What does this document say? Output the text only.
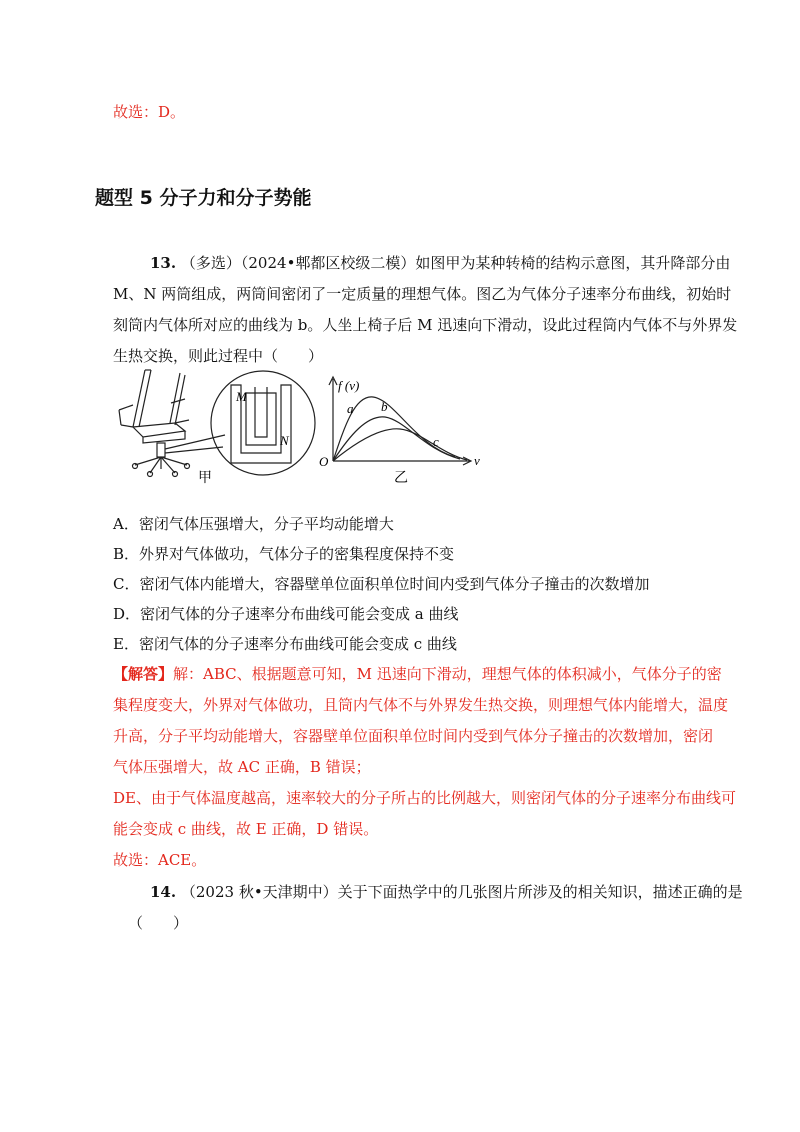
故选：D。
题型 5 分子力和分子势能
13. （多选）（2024•郫都区校级二模）如图甲为某种转椅的结构示意图，其升降部分由
M、N 两筒组成，两筒间密闭了一定质量的理想气体。图乙为气体分子速率分布曲线，初始时
刻筒内气体所对应的曲线为 b。人坐上椅子后 M 迅速向下滑动，设此过程筒内气体不与外界发
生热交换，则此过程中（　　）
M
N
甲
f (v)
v
O
a b
c
乙
A．密闭气体压强增大，分子平均动能增大
B．外界对气体做功，气体分子的密集程度保持不变
C．密闭气体内能增大，容器壁单位面积单位时间内受到气体分子撞击的次数增加
D．密闭气体的分子速率分布曲线可能会变成 a 曲线
E．密闭气体的分子速率分布曲线可能会变成 c 曲线
【解答】解：ABC、根据题意可知，M 迅速向下滑动，理想气体的体积减小，气体分子的密
集程度变大，外界对气体做功，且筒内气体不与外界发生热交换，则理想气体内能增大，温度
升高，分子平均动能增大，容器壁单位面积单位时间内受到气体分子撞击的次数增加，密闭
气体压强增大，故 AC 正确，B 错误；
DE、由于气体温度越高，速率较大的分子所占的比例越大，则密闭气体的分子速率分布曲线可
能会变成 c 曲线，故 E 正确，D 错误。
故选：ACE。
14. （2023 秋•天津期中）关于下面热学中的几张图片所涉及的相关知识，描述正确的是
（　　）
